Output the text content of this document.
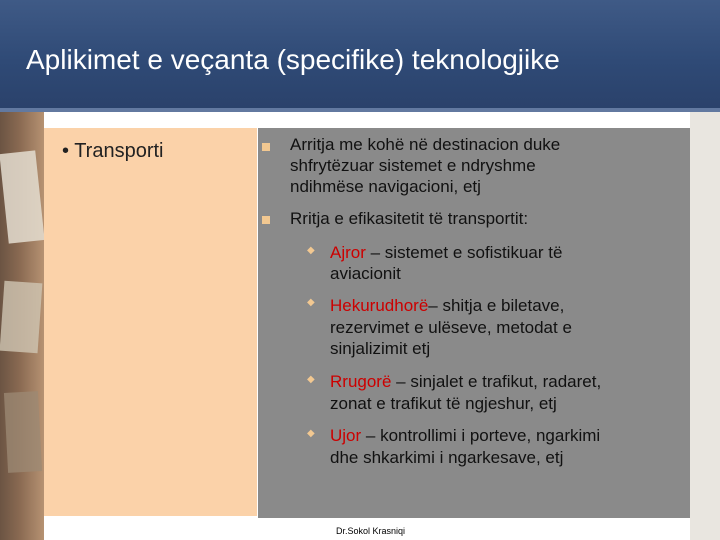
Aplikimet e veçanta (specifike) teknologjike
• Transporti	Arritja me kohë në destinacion duke
shfrytëzuar sistemet e ndryshme
ndihmëse navigacioni, etj
Rritja e efikasitetit të transportit:
◆ Ajror – sistemet e sofistikuar të
aviacionit
◆ Hekurudhorë– shitja e biletave,
rezervimet e ulëseve, metodat e
sinjalizimit etj
◆ Rrugorë – sinjalet e trafikut, radaret,
zonat e trafikut të ngjeshur, etj
◆ Ujor – kontrollimi i porteve, ngarkimi
dhe shkarkimi i ngarkesave, etj
Dr.Sokol Krasniqi
